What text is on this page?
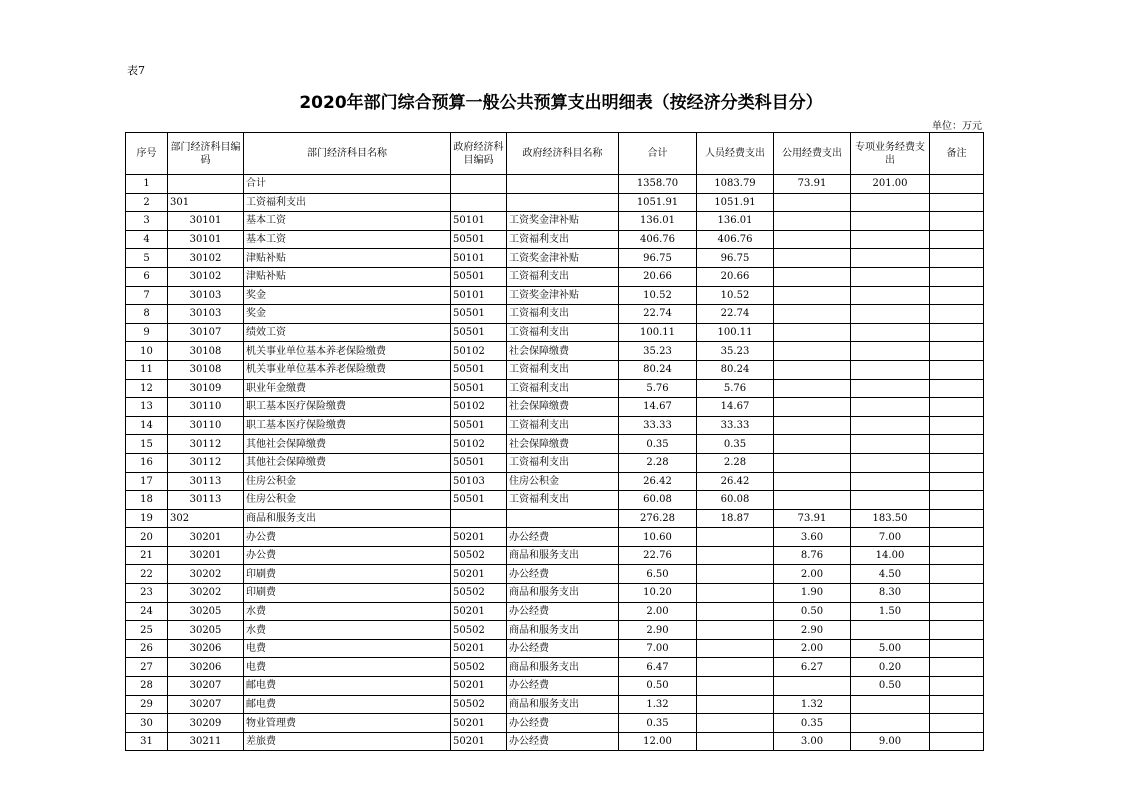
表7
2020年部门综合预算一般公共预算支出明细表（按经济分类科目分）
单位：万元
序号	部门经济科目编码	部门经济科目名称	政府经济科目编码	政府经济科目名称	合计	人员经费支出	公用经费支出	专项业务经费支出	备注
1		合计			1358.70	1083.79	73.91	201.00	
2	301	工资福利支出			1051.91	1051.91			
3	30101	基本工资	50101	工资奖金津补贴	136.01	136.01			
4	30101	基本工资	50501	工资福利支出	406.76	406.76			
5	30102	津贴补贴	50101	工资奖金津补贴	96.75	96.75			
6	30102	津贴补贴	50501	工资福利支出	20.66	20.66			
7	30103	奖金	50101	工资奖金津补贴	10.52	10.52			
8	30103	奖金	50501	工资福利支出	22.74	22.74			
9	30107	绩效工资	50501	工资福利支出	100.11	100.11			
10	30108	机关事业单位基本养老保险缴费	50102	社会保障缴费	35.23	35.23			
11	30108	机关事业单位基本养老保险缴费	50501	工资福利支出	80.24	80.24			
12	30109	职业年金缴费	50501	工资福利支出	5.76	5.76			
13	30110	职工基本医疗保险缴费	50102	社会保障缴费	14.67	14.67			
14	30110	职工基本医疗保险缴费	50501	工资福利支出	33.33	33.33			
15	30112	其他社会保障缴费	50102	社会保障缴费	0.35	0.35			
16	30112	其他社会保障缴费	50501	工资福利支出	2.28	2.28			
17	30113	住房公积金	50103	住房公积金	26.42	26.42			
18	30113	住房公积金	50501	工资福利支出	60.08	60.08			
19	302	商品和服务支出			276.28	18.87	73.91	183.50	
20	30201	办公费	50201	办公经费	10.60		3.60	7.00	
21	30201	办公费	50502	商品和服务支出	22.76		8.76	14.00	
22	30202	印刷费	50201	办公经费	6.50		2.00	4.50	
23	30202	印刷费	50502	商品和服务支出	10.20		1.90	8.30	
24	30205	水费	50201	办公经费	2.00		0.50	1.50	
25	30205	水费	50502	商品和服务支出	2.90		2.90		
26	30206	电费	50201	办公经费	7.00		2.00	5.00	
27	30206	电费	50502	商品和服务支出	6.47		6.27	0.20	
28	30207	邮电费	50201	办公经费	0.50			0.50	
29	30207	邮电费	50502	商品和服务支出	1.32		1.32		
30	30209	物业管理费	50201	办公经费	0.35		0.35		
31	30211	差旅费	50201	办公经费	12.00		3.00	9.00	
